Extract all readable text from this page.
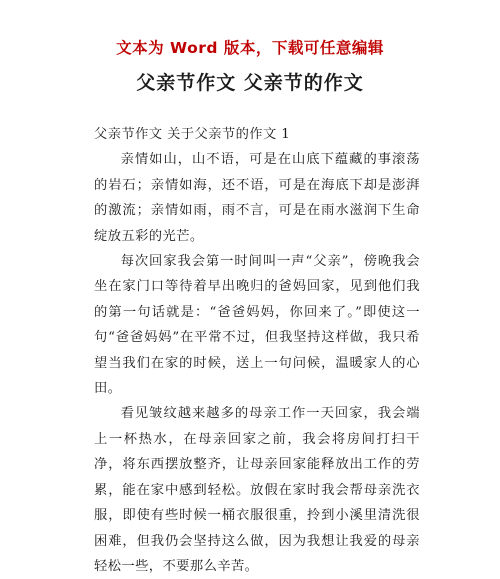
文本为 Word 版本，下载可任意编辑
父亲节作文 父亲节的作文

父亲节作文 关于父亲节的作文 1

亲情如山，山不语，可是在山底下蕴藏的事滚荡的岩石；亲情如海，还不语，可是在海底下却是澎湃的激流；亲情如雨，雨不言，可是在雨水滋润下生命绽放五彩的光芒。

每次回家我会第一时间叫一声“父亲”，傍晚我会坐在家门口等待着早出晚归的爸妈回家，见到他们我的第一句话就是：“爸爸妈妈，你回来了。”即使这一句“爸爸妈妈”在平常不过，但我坚持这样做，我只希望当我们在家的时候，送上一句问候，温暖家人的心田。

看见皱纹越来越多的母亲工作一天回家，我会端上一杯热水，在母亲回家之前，我会将房间打扫干净，将东西摆放整齐，让母亲回家能释放出工作的劳累，能在家中感到轻松。放假在家时我会帮母亲洗衣服，即使有些时候一桶衣服很重，拎到小溪里清洗很困难，但我仍会坚持这么做，因为我想让我爱的母亲轻松一些，不要那么辛苦。
